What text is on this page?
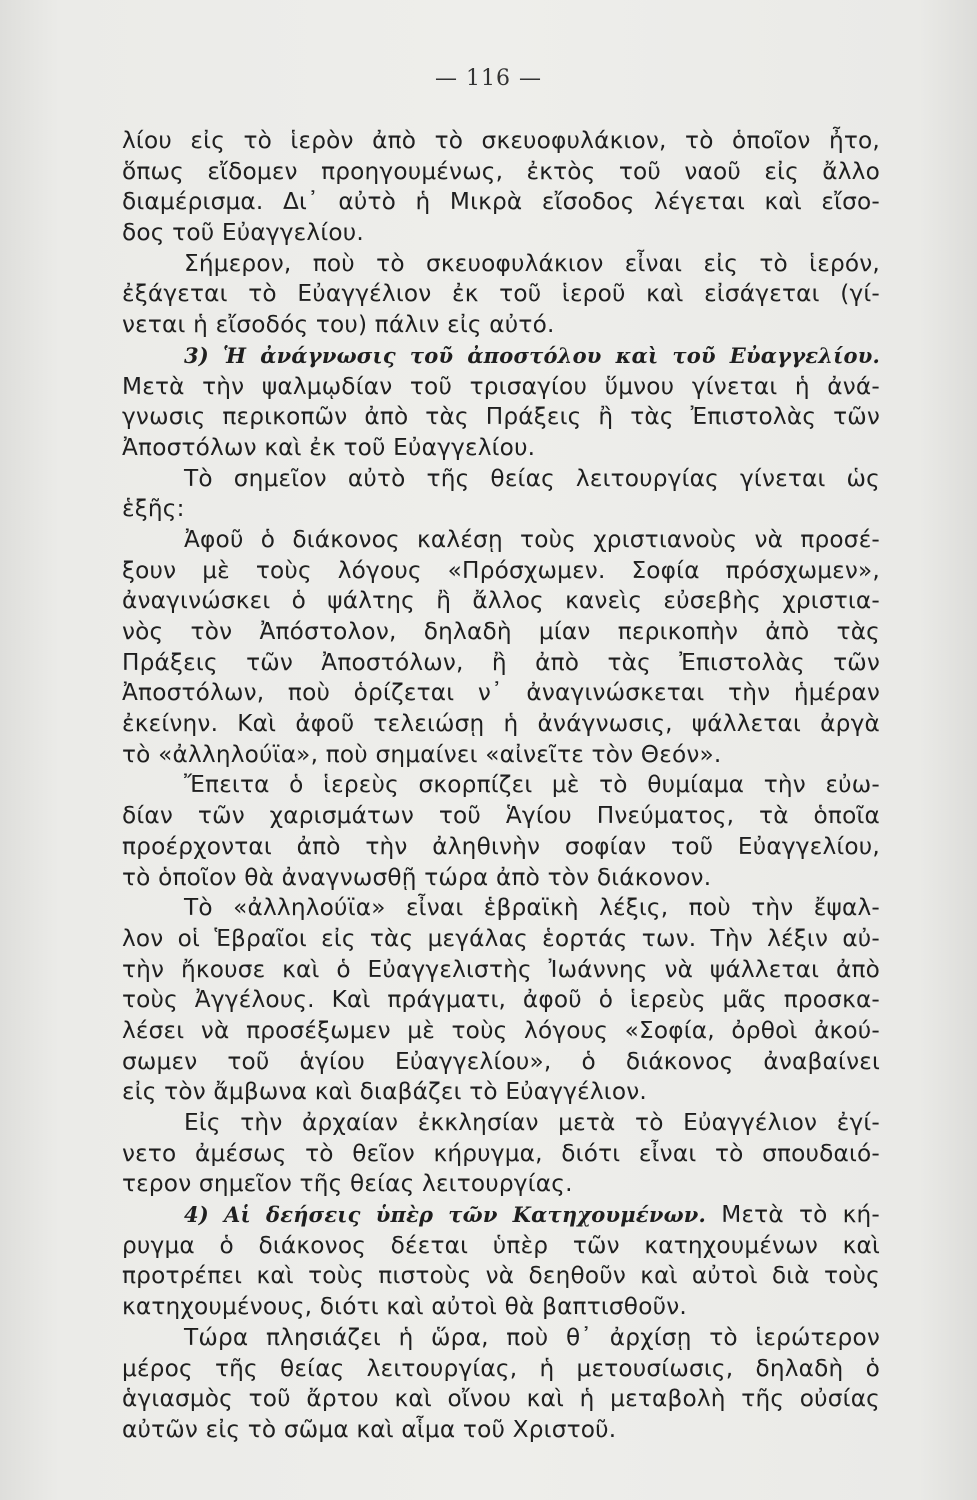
— 116 —
λίου εἰς τὸ ἱερὸν ἀπὸ τὸ σκευοφυλάκιον, τὸ ὁποῖον ἦτο,
ὅπως εἴδομεν προηγουμένως, ἐκτὸς τοῦ ναοῦ εἰς ἄλλο
διαμέρισμα. Δι᾿ αὐτὸ ἡ Μικρὰ εἴσοδος λέγεται καὶ εἴσο-
δος τοῦ Εὐαγγελίου.
Σήμερον, ποὺ τὸ σκευοφυλάκιον εἶναι εἰς τὸ ἱερόν,
ἐξάγεται τὸ Εὐαγγέλιον ἐκ τοῦ ἱεροῦ καὶ εἰσάγεται (γί-
νεται ἡ εἴσοδός του) πάλιν εἰς αὐτό.
3) Ἡ ἀνάγνωσις τοῦ ἀποστόλου καὶ τοῦ Εὐαγγελίου.
Μετὰ τὴν ψαλμῳδίαν τοῦ τρισαγίου ὕμνου γίνεται ἡ ἀνά-
γνωσις περικοπῶν ἀπὸ τὰς Πράξεις ἢ τὰς Ἐπιστολὰς τῶν
Ἀποστόλων καὶ ἐκ τοῦ Εὐαγγελίου.
Τὸ σημεῖον αὐτὸ τῆς θείας λειτουργίας γίνεται ὡς
ἑξῆς:
Ἀφοῦ ὁ διάκονος καλέσῃ τοὺς χριστιανοὺς νὰ προσέ-
ξουν μὲ τοὺς λόγους «Πρόσχωμεν. Σοφία πρόσχωμεν»,
ἀναγινώσκει ὁ ψάλτης ἢ ἄλλος κανεὶς εὐσεβὴς χριστια-
νὸς τὸν Ἀπόστολον, δηλαδὴ μίαν περικοπὴν ἀπὸ τὰς
Πράξεις τῶν Ἀποστόλων, ἢ ἀπὸ τὰς Ἐπιστολὰς τῶν
Ἀποστόλων, ποὺ ὁρίζεται ν᾿ ἀναγινώσκεται τὴν ἡμέραν
ἐκείνην. Καὶ ἀφοῦ τελειώσῃ ἡ ἀνάγνωσις, ψάλλεται ἀργὰ
τὸ «ἀλληλούϊα», ποὺ σημαίνει «αἰνεῖτε τὸν Θεόν».
Ἔπειτα ὁ ἱερεὺς σκορπίζει μὲ τὸ θυμίαμα τὴν εὐω-
δίαν τῶν χαρισμάτων τοῦ Ἁγίου Πνεύματος, τὰ ὁποῖα
προέρχονται ἀπὸ τὴν ἀληθινὴν σοφίαν τοῦ Εὐαγγελίου,
τὸ ὁποῖον θὰ ἀναγνωσθῇ τώρα ἀπὸ τὸν διάκονον.
Τὸ «ἀλληλούϊα» εἶναι ἑβραϊκὴ λέξις, ποὺ τὴν ἔψαλ-
λον οἱ Ἑβραῖοι εἰς τὰς μεγάλας ἑορτάς των. Τὴν λέξιν αὐ-
τὴν ἤκουσε καὶ ὁ Εὐαγγελιστὴς Ἰωάννης νὰ ψάλλεται ἀπὸ
τοὺς Ἀγγέλους. Καὶ πράγματι, ἀφοῦ ὁ ἱερεὺς μᾶς προσκα-
λέσει νὰ προσέξωμεν μὲ τοὺς λόγους «Σοφία, ὀρθοὶ ἀκού-
σωμεν τοῦ ἁγίου Εὐαγγελίου», ὁ διάκονος ἀναβαίνει
εἰς τὸν ἄμβωνα καὶ διαβάζει τὸ Εὐαγγέλιον.
Εἰς τὴν ἀρχαίαν ἐκκλησίαν μετὰ τὸ Εὐαγγέλιον ἐγί-
νετο ἀμέσως τὸ θεῖον κήρυγμα, διότι εἶναι τὸ σπουδαιό-
τερον σημεῖον τῆς θείας λειτουργίας.
4) Αἱ δεήσεις ὑπὲρ τῶν Κατηχουμένων. Μετὰ τὸ κή-
ρυγμα ὁ διάκονος δέεται ὑπὲρ τῶν κατηχουμένων καὶ
προτρέπει καὶ τοὺς πιστοὺς νὰ δεηθοῦν καὶ αὐτοὶ διὰ τοὺς
κατηχουμένους, διότι καὶ αὐτοὶ θὰ βαπτισθοῦν.
Τώρα πλησιάζει ἡ ὥρα, ποὺ θ᾿ ἀρχίσῃ τὸ ἱερώτερον
μέρος τῆς θείας λειτουργίας, ἡ μετουσίωσις, δηλαδὴ ὁ
ἁγιασμὸς τοῦ ἄρτου καὶ οἴνου καὶ ἡ μεταβολὴ τῆς οὐσίας
αὐτῶν εἰς τὸ σῶμα καὶ αἷμα τοῦ Χριστοῦ.
